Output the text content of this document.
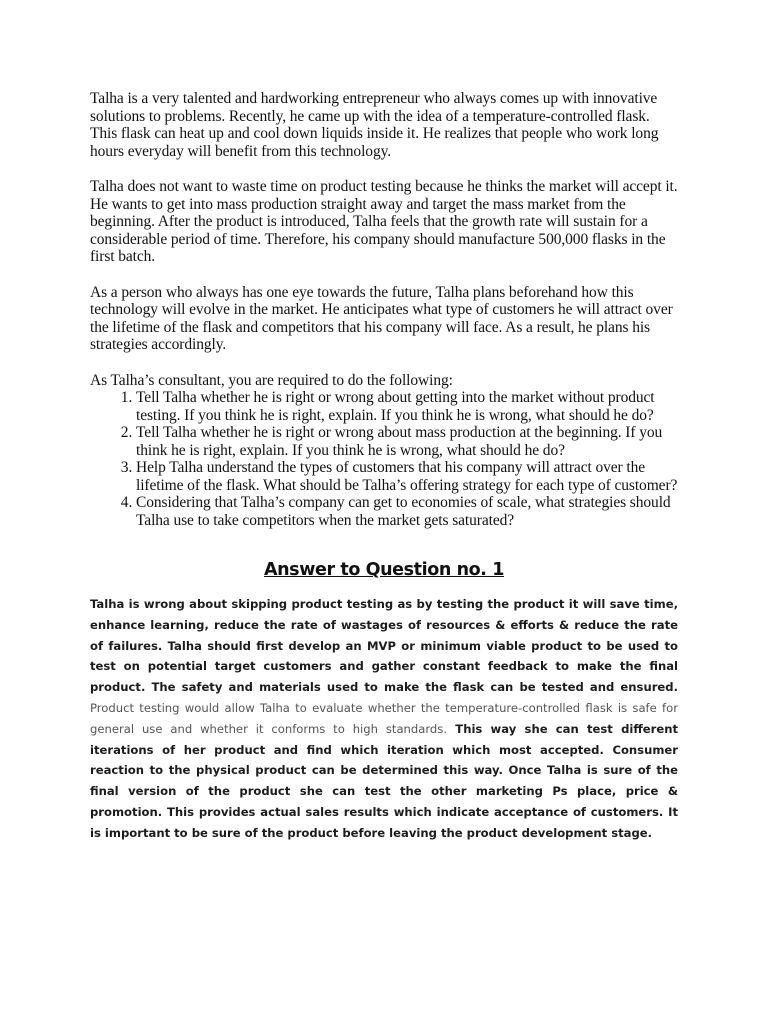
Talha is a very talented and hardworking entrepreneur who always comes up with innovative solutions to problems. Recently, he came up with the idea of a temperature-controlled flask. This flask can heat up and cool down liquids inside it. He realizes that people who work long hours everyday will benefit from this technology.

Talha does not want to waste time on product testing because he thinks the market will accept it. He wants to get into mass production straight away and target the mass market from the beginning. After the product is introduced, Talha feels that the growth rate will sustain for a considerable period of time. Therefore, his company should manufacture 500,000 flasks in the first batch.

As a person who always has one eye towards the future, Talha plans beforehand how this technology will evolve in the market. He anticipates what type of customers he will attract over the lifetime of the flask and competitors that his company will face. As a result, he plans his strategies accordingly.

As Talha’s consultant, you are required to do the following:

1. Tell Talha whether he is right or wrong about getting into the market without product testing. If you think he is right, explain. If you think he is wrong, what should he do?
2. Tell Talha whether he is right or wrong about mass production at the beginning. If you think he is right, explain. If you think he is wrong, what should he do?
3. Help Talha understand the types of customers that his company will attract over the lifetime of the flask. What should be Talha’s offering strategy for each type of customer?
4. Considering that Talha’s company can get to economies of scale, what strategies should Talha use to take competitors when the market gets saturated?
Answer to Question no. 1

Talha is wrong about skipping product testing as by testing the product it will save time, enhance learning, reduce the rate of wastages of resources & efforts & reduce the rate of failures. Talha should first develop an MVP or minimum viable product to be used to test on potential target customers and gather constant feedback to make the final product. The safety and materials used to make the flask can be tested and ensured. Product testing would allow Talha to evaluate whether the temperature-controlled flask is safe for general use and whether it conforms to high standards. This way she can test different iterations of her product and find which iteration which most accepted. Consumer reaction to the physical product can be determined this way. Once Talha is sure of the final version of the product she can test the other marketing Ps place, price & promotion. This provides actual sales results which indicate acceptance of customers. It is important to be sure of the product before leaving the product development stage.
